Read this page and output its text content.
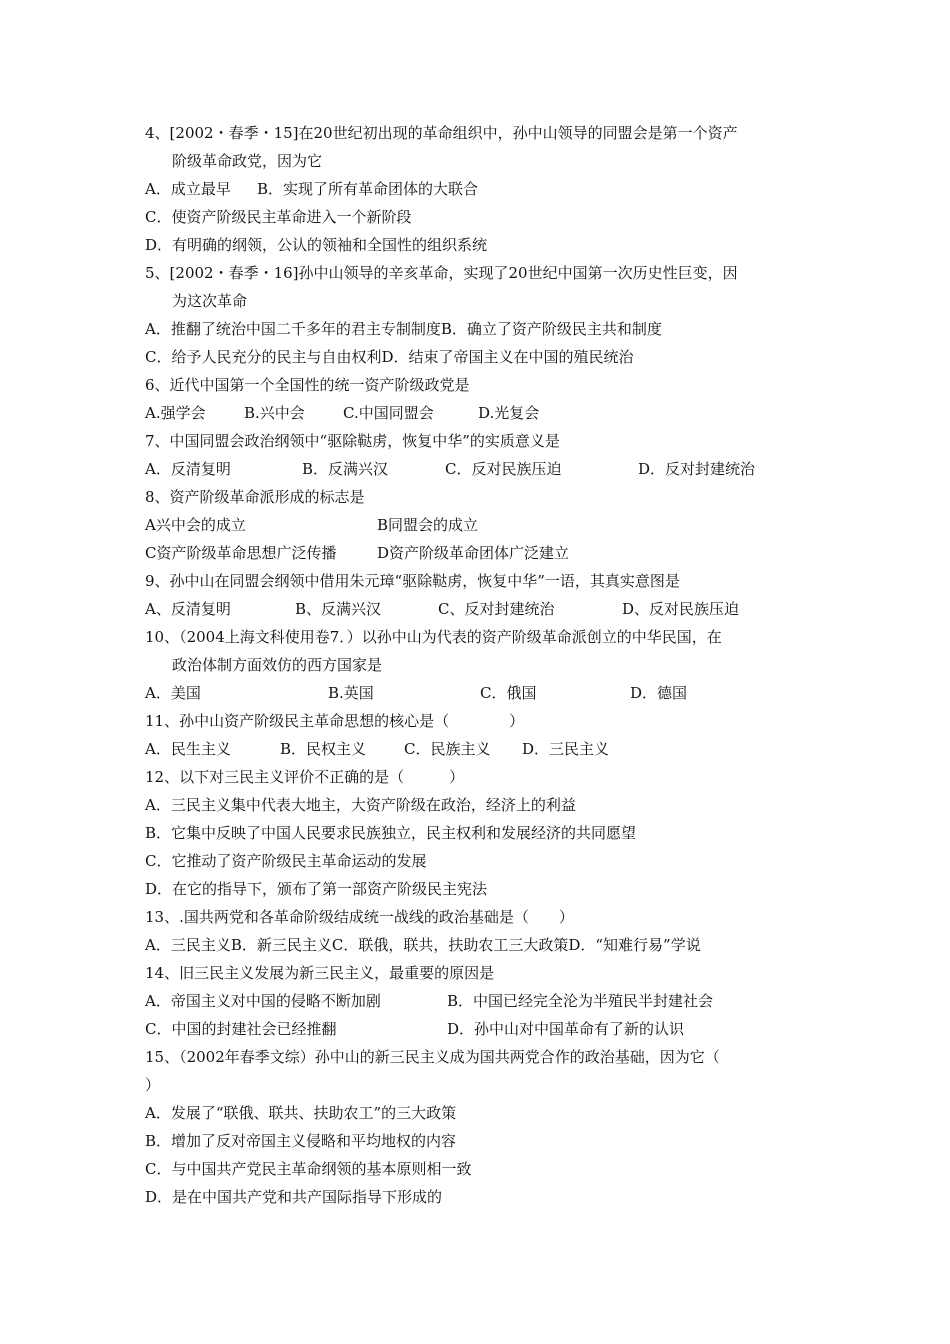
4、[2002・春季・15]在20世纪初出现的革命组织中，孙中山领导的同盟会是第一个资产
阶级革命政党，因为它
A．成立最早 B．实现了所有革命团体的大联合
C．使资产阶级民主革命进入一个新阶段
D．有明确的纲领，公认的领袖和全国性的组织系统
5、[2002・春季・16]孙中山领导的辛亥革命，实现了20世纪中国第一次历史性巨变，因
为这次革命
A．推翻了统治中国二千多年的君主专制制度B．确立了资产阶级民主共和制度
C．给予人民充分的民主与自由权利D．结束了帝国主义在中国的殖民统治
6、近代中国第一个全国性的统一资产阶级政党是
A.强学会	B.兴中会	C.中国同盟会	D.光复会
7、中国同盟会政治纲领中“驱除鞑虏，恢复中华”的实质意义是
A．反清复明	B．反满兴汉	C．反对民族压迫	D．反对封建统治
8、资产阶级革命派形成的标志是
A兴中会的成立	B同盟会的成立
C资产阶级革命思想广泛传播	D资产阶级革命团体广泛建立
9、孙中山在同盟会纲领中借用朱元璋“驱除鞑虏，恢复中华”一语，其真实意图是
A、反清复明	B、反满兴汉	C、反对封建统治	D、反对民族压迫
10、（2004上海文科使用卷7．）以孙中山为代表的资产阶级革命派创立的中华民国，在
政治体制方面效仿的西方国家是
A．美国	B.英国	C．俄国	D．德国
11、孙中山资产阶级民主革命思想的核心是（　　　　）
A．民生主义	B．民权主义	C．民族主义 D．三民主义
12、以下对三民主义评价不正确的是（　　　）
A．三民主义集中代表大地主，大资产阶级在政治，经济上的利益
B．它集中反映了中国人民要求民族独立，民主权利和发展经济的共同愿望
C．它推动了资产阶级民主革命运动的发展
D．在它的指导下，颁布了第一部资产阶级民主宪法
13、.国共两党和各革命阶级结成统一战线的政治基础是（　　）
A．三民主义B．新三民主义C．联俄，联共，扶助农工三大政策D．“知难行易”学说
14、旧三民主义发展为新三民主义，最重要的原因是
A．帝国主义对中国的侵略不断加剧	B．中国已经完全沦为半殖民半封建社会
C．中国的封建社会已经推翻	D．孙中山对中国革命有了新的认识
15、（2002年春季文综）孙中山的新三民主义成为国共两党合作的政治基础，因为它（
）
A．发展了“联俄、联共、扶助农工”的三大政策
B．增加了反对帝国主义侵略和平均地权的内容
C．与中国共产党民主革命纲领的基本原则相一致
D．是在中国共产党和共产国际指导下形成的
